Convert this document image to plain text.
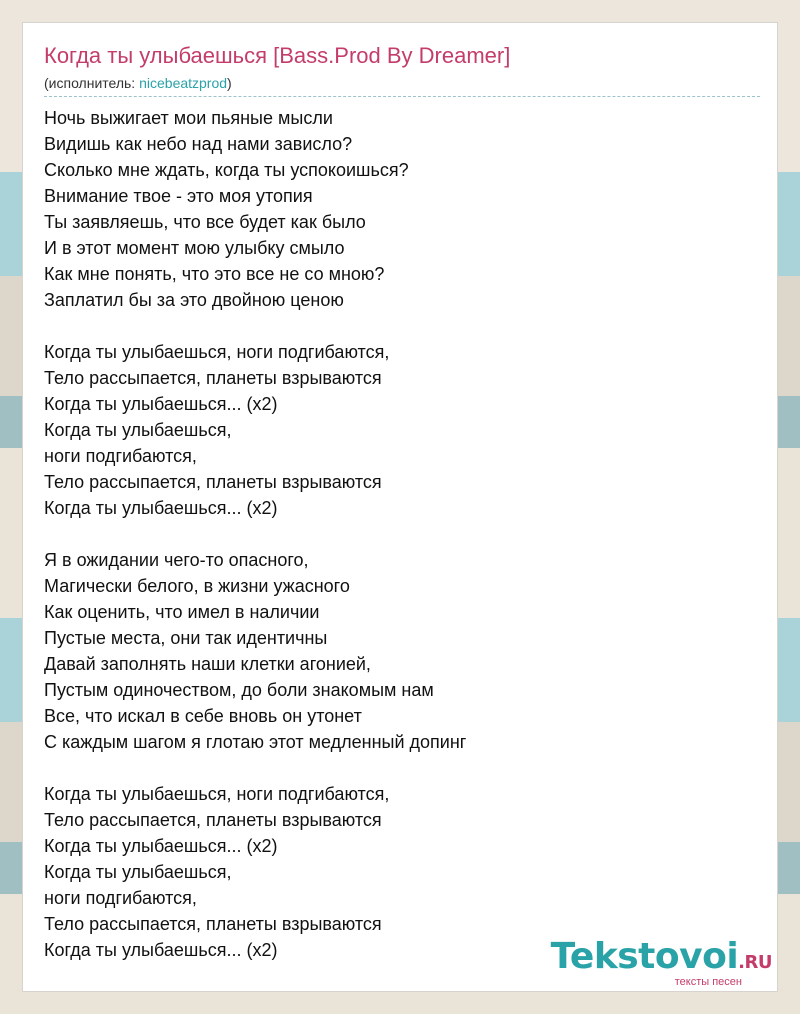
Когда ты улыбаешься [Bass.Prod By Dreamer]
(исполнитель: nicebeatzprod)
Ночь выжигает мои пьяные мысли
Видишь как небо над нами зависло?
Сколько мне ждать, когда ты успокоишься?
Внимание твое - это моя утопия
Ты заявляешь, что все будет как было
И в этот момент мою улыбку смыло
Как мне понять, что это все не со мною?
Заплатил бы за это двойною ценою
Когда ты улыбаешься, ноги подгибаются,
Тело рассыпается, планеты взрываются
Когда ты улыбаешься... (x2)
Когда ты улыбаешься,
ноги подгибаются,
Тело рассыпается, планеты взрываются
Когда ты улыбаешься... (x2)
Я в ожидании чего-то опасного,
Магически белого, в жизни ужасного
Как оценить, что имел в наличии
Пустые места, они так идентичны
Давай заполнять наши клетки агонией,
Пустым одиночеством, до боли знакомым нам
Все, что искал в себе вновь он утонет
С каждым шагом я глотаю этот медленный допинг
Когда ты улыбаешься, ноги подгибаются,
Тело рассыпается, планеты взрываются
Когда ты улыбаешься... (x2)
Когда ты улыбаешься,
ноги подгибаются,
Тело рассыпается, планеты взрываются
Когда ты улыбаешься... (x2)	Tekstovoi.RU
тексты песен
